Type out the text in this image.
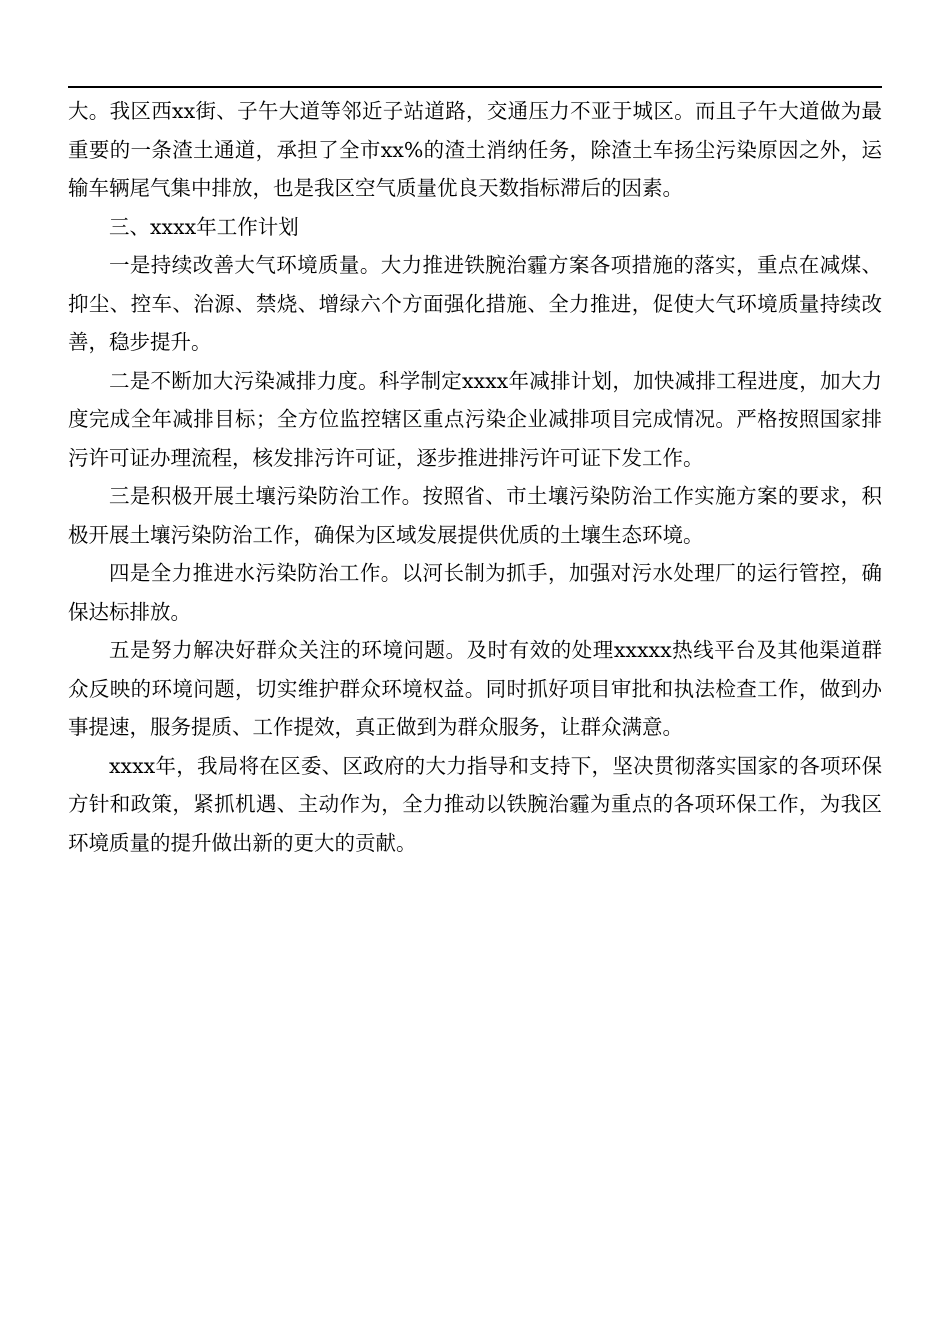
大。我区西xx街、子午大道等邻近子站道路，交通压力不亚于城区。而且子午大道做为最重要的一条渣土通道，承担了全市xx%的渣土消纳任务，除渣土车扬尘污染原因之外，运输车辆尾气集中排放，也是我区空气质量优良天数指标滞后的因素。

三、xxxx年工作计划

一是持续改善大气环境质量。大力推进铁腕治霾方案各项措施的落实，重点在减煤、抑尘、控车、治源、禁烧、增绿六个方面强化措施、全力推进，促使大气环境质量持续改善，稳步提升。

二是不断加大污染减排力度。科学制定xxxx年减排计划，加快减排工程进度，加大力度完成全年减排目标；全方位监控辖区重点污染企业减排项目完成情况。严格按照国家排污许可证办理流程，核发排污许可证，逐步推进排污许可证下发工作。

三是积极开展土壤污染防治工作。按照省、市土壤污染防治工作实施方案的要求，积极开展土壤污染防治工作，确保为区域发展提供优质的土壤生态环境。

四是全力推进水污染防治工作。以河长制为抓手，加强对污水处理厂的运行管控，确保达标排放。

五是努力解决好群众关注的环境问题。及时有效的处理xxxxx热线平台及其他渠道群众反映的环境问题，切实维护群众环境权益。同时抓好项目审批和执法检查工作，做到办事提速，服务提质、工作提效，真正做到为群众服务，让群众满意。

xxxx年，我局将在区委、区政府的大力指导和支持下，坚决贯彻落实国家的各项环保方针和政策，紧抓机遇、主动作为，全力推动以铁腕治霾为重点的各项环保工作，为我区环境质量的提升做出新的更大的贡献。
